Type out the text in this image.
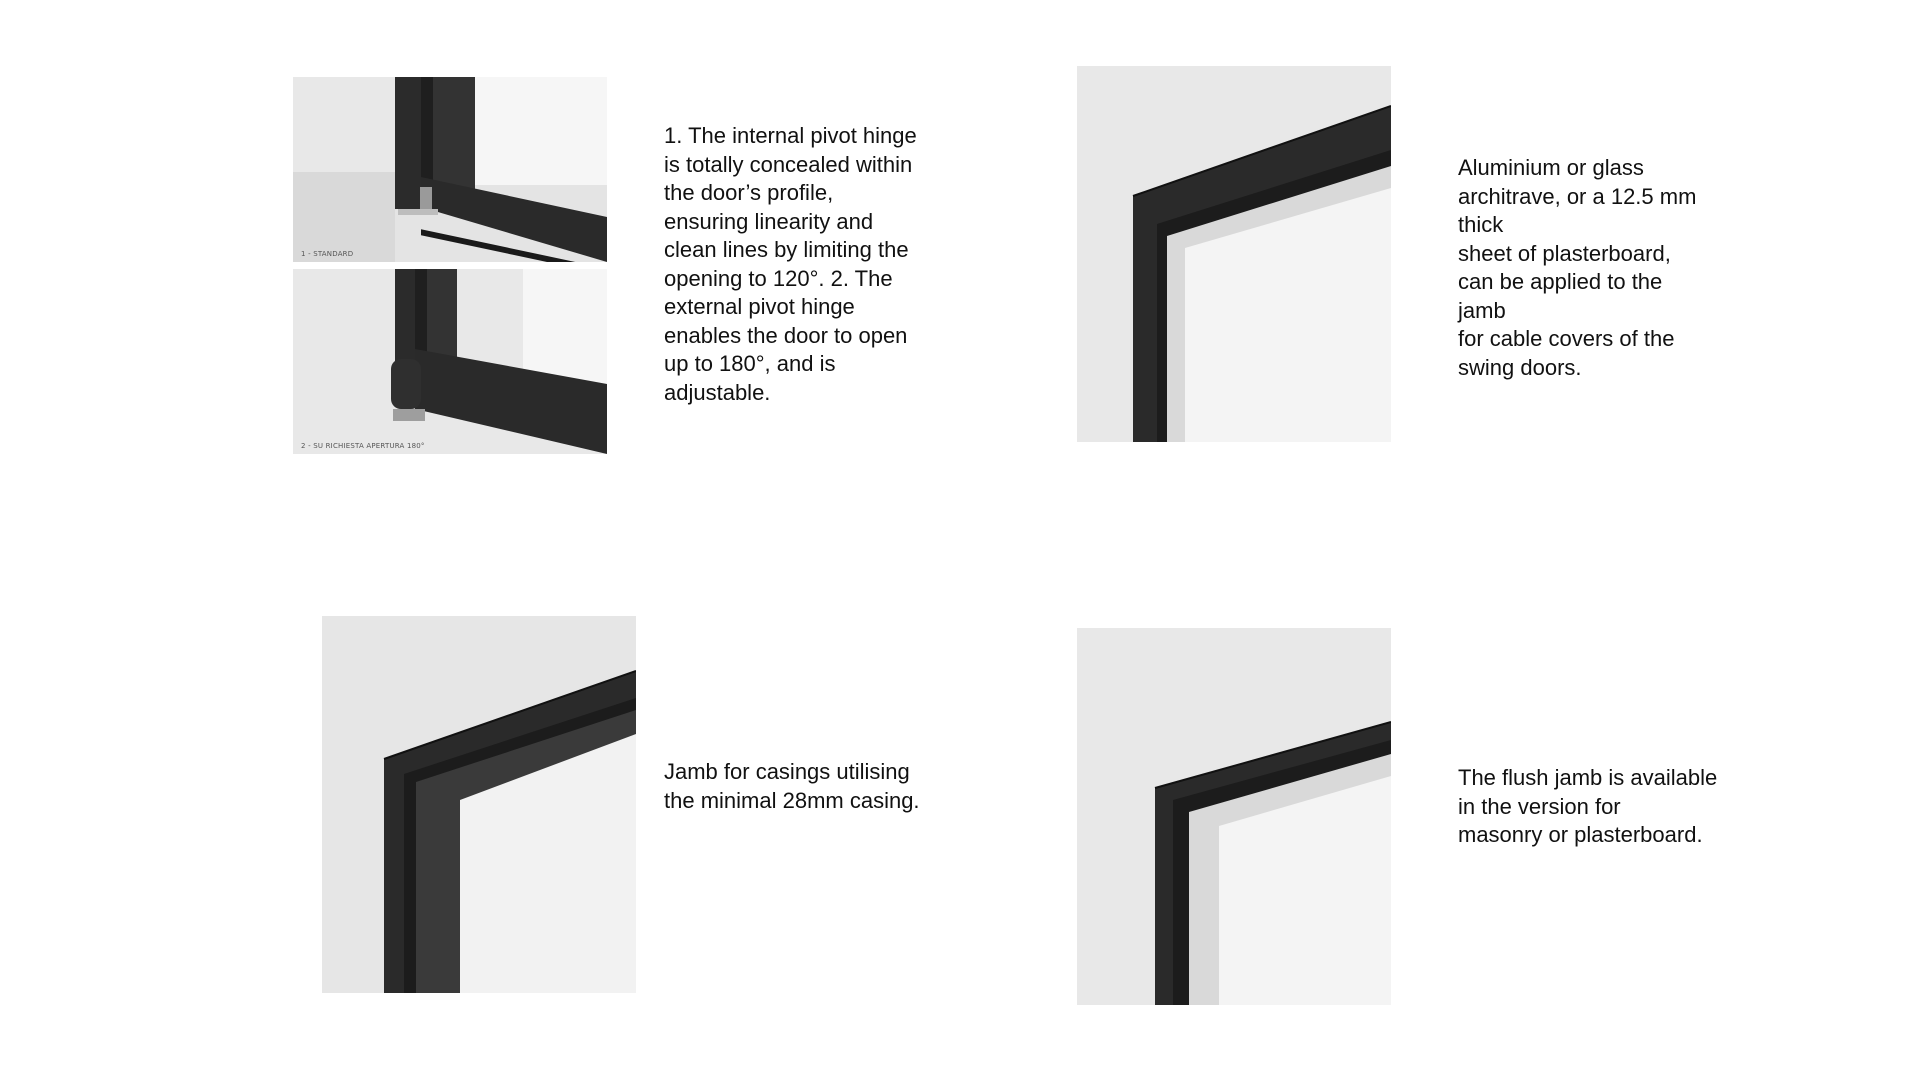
1 - STANDARD
2 - SU RICHIESTA APERTURA 180°
1. The internal pivot hinge
is totally concealed within
the door’s profile,
ensuring linearity and
clean lines by limiting the
opening to 120°. 2. The
external pivot hinge
enables the door to open
up to 180°, and is
adjustable.
Aluminium or glass
architrave, or a 12.5 mm
thick
sheet of plasterboard,
can be applied to the
jamb
for cable covers of the
swing doors.
Jamb for casings utilising
the minimal 28mm casing.
The flush jamb is available
in the version for
masonry or plasterboard.
